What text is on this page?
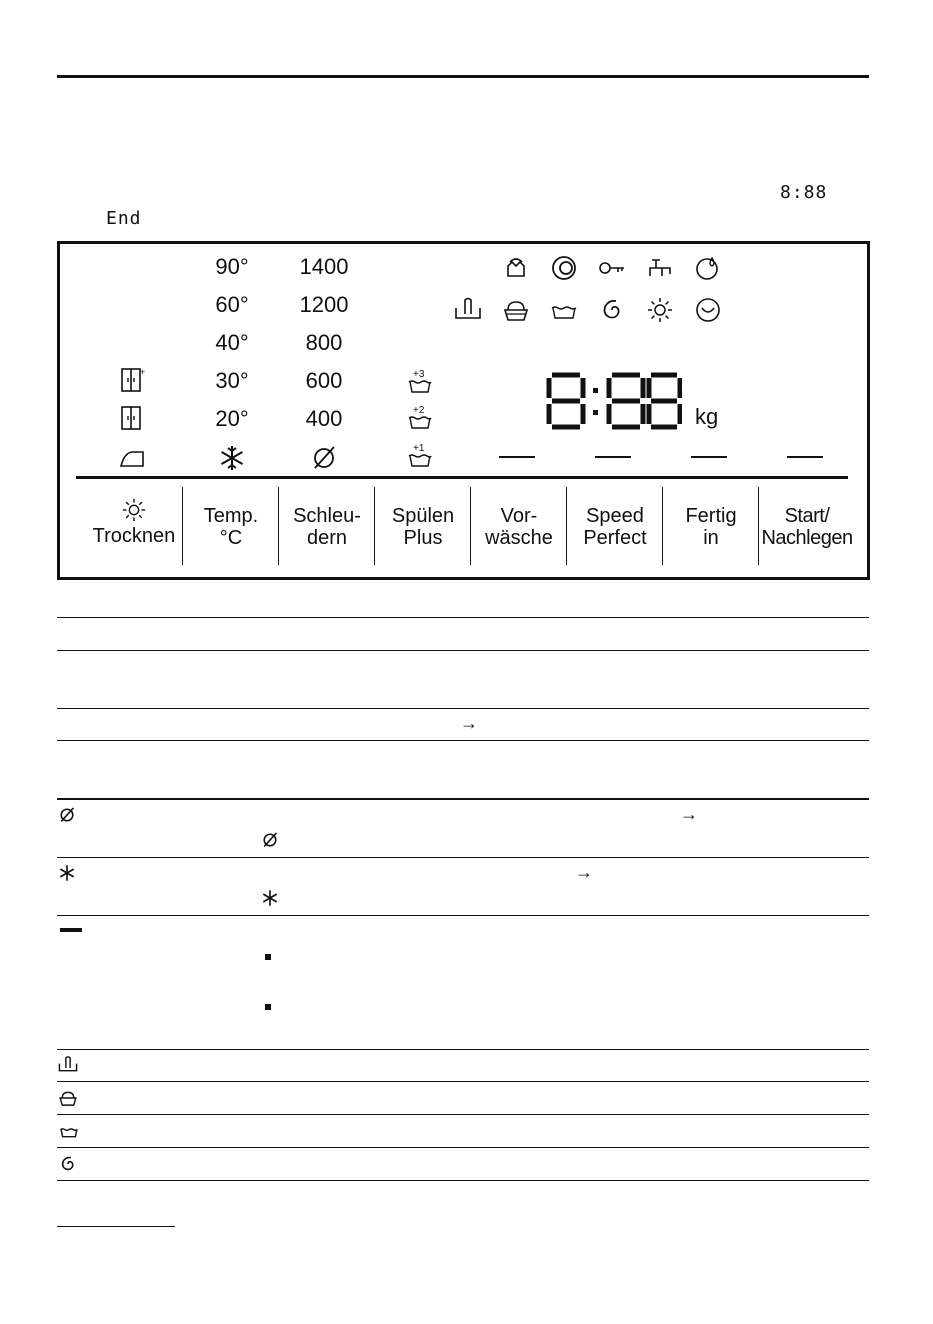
8:88
End
+
90°
60°
40°
30°
20°
1400
1200
800
600
400
+3
+2
+1
kg
Trocknen
Temp.
°C
Schleu-
dern
Spülen
Plus
Vor-
wäsche
Speed
Perfect
Fertig
in
Start/
Nachlegen
→
→
→
